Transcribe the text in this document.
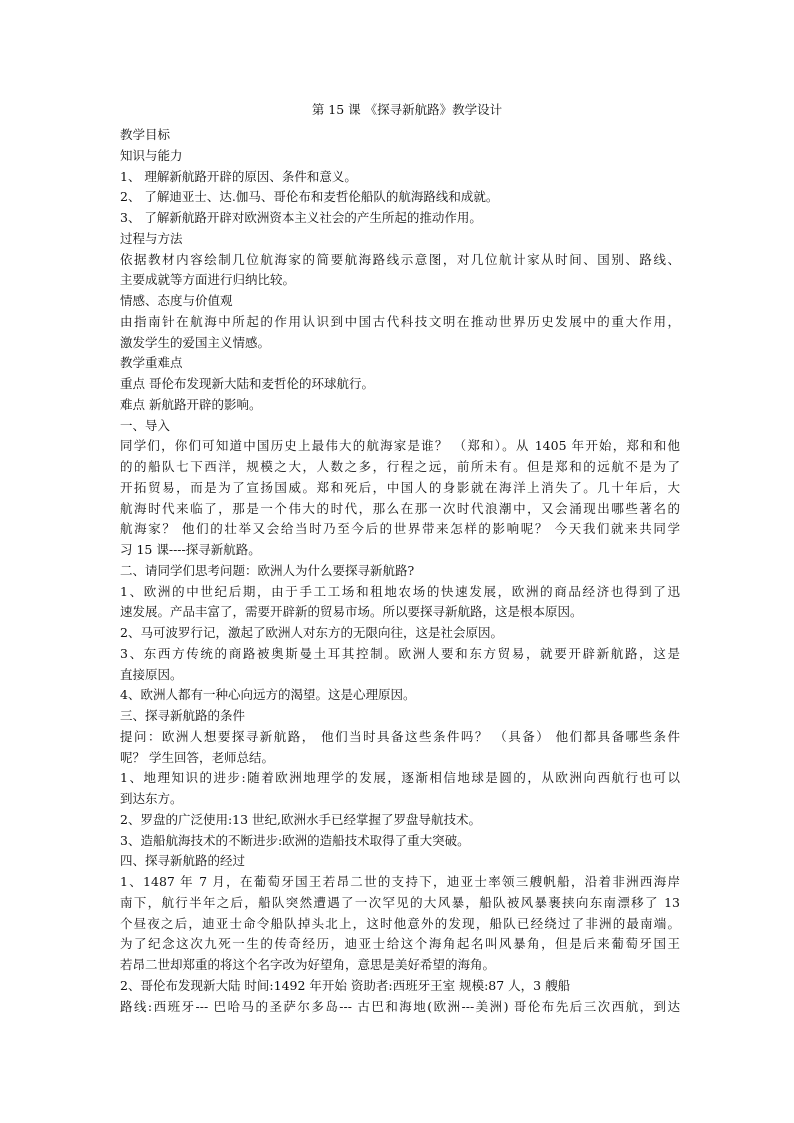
第 15 课 《探寻新航路》教学设计
教学目标
知识与能力
1、 理解新航路开辟的原因、条件和意义。
2、 了解迪亚士、达.伽马、哥伦布和麦哲伦船队的航海路线和成就。
3、 了解新航路开辟对欧洲资本主义社会的产生所起的推动作用。
过程与方法
依据教材内容绘制几位航海家的简要航海路线示意图，对几位航计家从时间、国别、路线、
主要成就等方面进行归纳比较。
情感、态度与价值观
由指南针在航海中所起的作用认识到中国古代科技文明在推动世界历史发展中的重大作用，
激发学生的爱国主义情感。
教学重难点
重点 哥伦布发现新大陆和麦哲伦的环球航行。
难点 新航路开辟的影响。
一、导入
同学们，你们可知道中国历史上最伟大的航海家是谁？ （郑和）。从 1405 年开始，郑和和他
的的船队七下西洋，规模之大，人数之多，行程之远，前所未有。但是郑和的远航不是为了
开拓贸易，而是为了宣扬国威。郑和死后，中国人的身影就在海洋上消失了。几十年后，大
航海时代来临了，那是一个伟大的时代，那么在那一次时代浪潮中，又会涌现出哪些著名的
航海家？ 他们的壮举又会给当时乃至今后的世界带来怎样的影响呢？ 今天我们就来共同学
习 15 课----探寻新航路。
二、请同学们思考问题：欧洲人为什么要探寻新航路?
1、欧洲的中世纪后期，由于手工工场和租地农场的快速发展，欧洲的商品经济也得到了迅
速发展。产品丰富了，需要开辟新的贸易市场。所以要探寻新航路，这是根本原因。
2、马可波罗行记，激起了欧洲人对东方的无限向往，这是社会原因。
3、东西方传统的商路被奥斯曼土耳其控制。欧洲人要和东方贸易，就要开辟新航路，这是
直接原因。
4、欧洲人都有一种心向远方的渴望。这是心理原因。
三、探寻新航路的条件
提问：欧洲人想要探寻新航路， 他们当时具备这些条件吗？ （具备） 他们都具备哪些条件
呢？ 学生回答，老师总结。
1、地理知识的进步:随着欧洲地理学的发展，逐渐相信地球是圆的，从欧洲向西航行也可以
到达东方。
2、罗盘的广泛使用:13 世纪,欧洲水手已经掌握了罗盘导航技术。
3、造船航海技术的不断进步:欧洲的造船技术取得了重大突破。
四、探寻新航路的经过
1、1487 年 7 月，在葡萄牙国王若昂二世的支持下，迪亚士率领三艘帆船，沿着非洲西海岸
南下，航行半年之后，船队突然遭遇了一次罕见的大风暴，船队被风暴裹挟向东南漂移了 13
个昼夜之后，迪亚士命令船队掉头北上，这时他意外的发现，船队已经绕过了非洲的最南端。
为了纪念这次九死一生的传奇经历，迪亚士给这个海角起名叫风暴角，但是后来葡萄牙国王
若昂二世却郑重的将这个名字改为好望角，意思是美好希望的海角。
2、哥伦布发现新大陆 时间:1492 年开始 资助者:西班牙王室 规模:87 人，3 艘船
路线:西班牙--- 巴哈马的圣萨尔多岛--- 古巴和海地(欧洲---美洲) 哥伦布先后三次西航，到达
